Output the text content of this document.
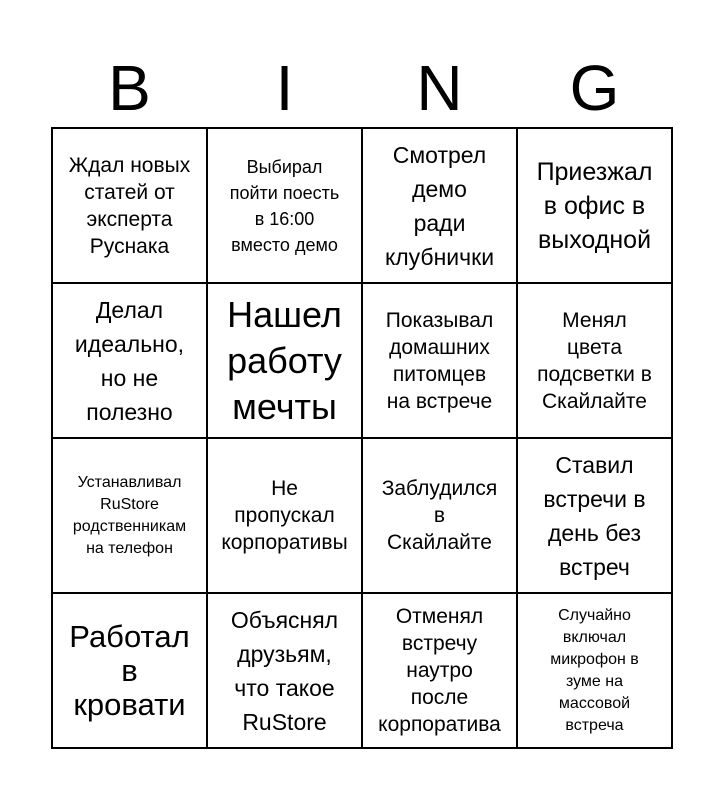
B	I	N	G
Ждал новых
статей от
эксперта
Руснака
Выбирал
пойти поесть
в 16:00
вместо демо
Смотрел
демо
ради
клубнички
Приезжал
в офис в
выходной
Делал
идеально,
но не
полезно
Нашел
работу
мечты
Показывал
домашних
питомцев
на встрече
Менял
цвета
подсветки в
Скайлайте
Устанавливал
RuStore
родственникам
на телефон
Не
пропускал
корпоративы
Заблудился
в
Скайлайте
Ставил
встречи в
день без
встреч
Работал
в
кровати
Объяснял
друзьям,
что такое
RuStore
Отменял
встречу
наутро
после
корпоратива
Случайно
включал
микрофон в
зуме на
массовой
встреча
